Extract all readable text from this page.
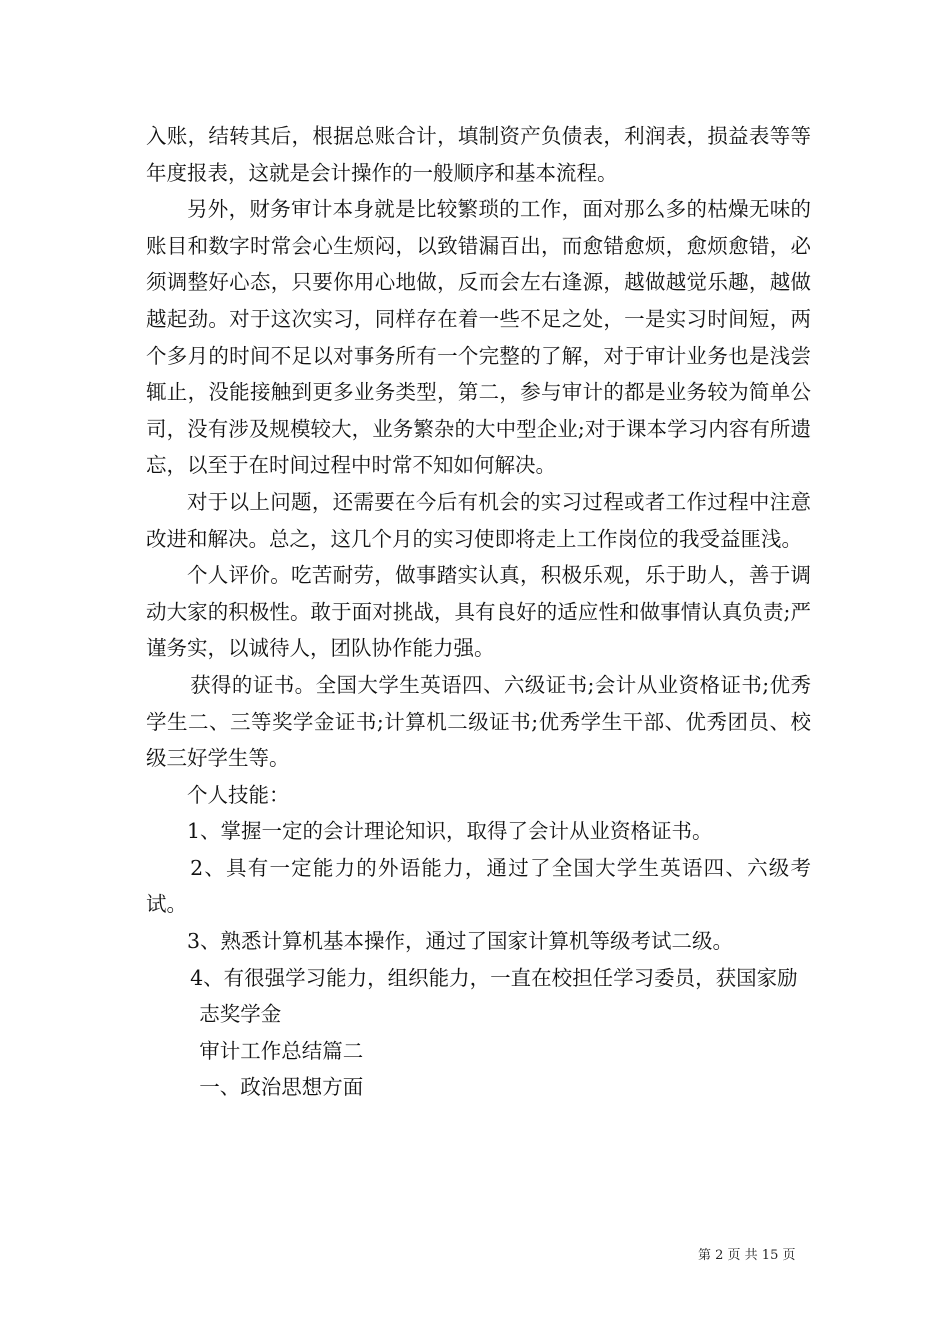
入账，结转其后，根据总账合计，填制资产负债表，利润表，损益表等等年度报表，这就是会计操作的一般顺序和基本流程。

另外，财务审计本身就是比较繁琐的工作，面对那么多的枯燥无味的账目和数字时常会心生烦闷，以致错漏百出，而愈错愈烦，愈烦愈错，必须调整好心态，只要你用心地做，反而会左右逢源，越做越觉乐趣，越做越起劲。对于这次实习，同样存在着一些不足之处，一是实习时间短，两个多月的时间不足以对事务所有一个完整的了解，对于审计业务也是浅尝辄止，没能接触到更多业务类型，第二，参与审计的都是业务较为简单公司，没有涉及规模较大，业务繁杂的大中型企业;对于课本学习内容有所遗忘，以至于在时间过程中时常不知如何解决。

对于以上问题，还需要在今后有机会的实习过程或者工作过程中注意改进和解决。总之，这几个月的实习使即将走上工作岗位的我受益匪浅。

个人评价。吃苦耐劳，做事踏实认真，积极乐观，乐于助人，善于调动大家的积极性。敢于面对挑战，具有良好的适应性和做事情认真负责;严谨务实，以诚待人，团队协作能力强。

获得的证书。全国大学生英语四、六级证书;会计从业资格证书;优秀学生二、三等奖学金证书;计算机二级证书;优秀学生干部、优秀团员、校级三好学生等。

个人技能：

1、掌握一定的会计理论知识，取得了会计从业资格证书。

2、具有一定能力的外语能力，通过了全国大学生英语四、六级考试。

3、熟悉计算机基本操作，通过了国家计算机等级考试二级。

4、有很强学习能力，组织能力，一直在校担任学习委员，获国家励

志奖学金

审计工作总结篇二

一、政治思想方面

第 2 页 共 15 页
